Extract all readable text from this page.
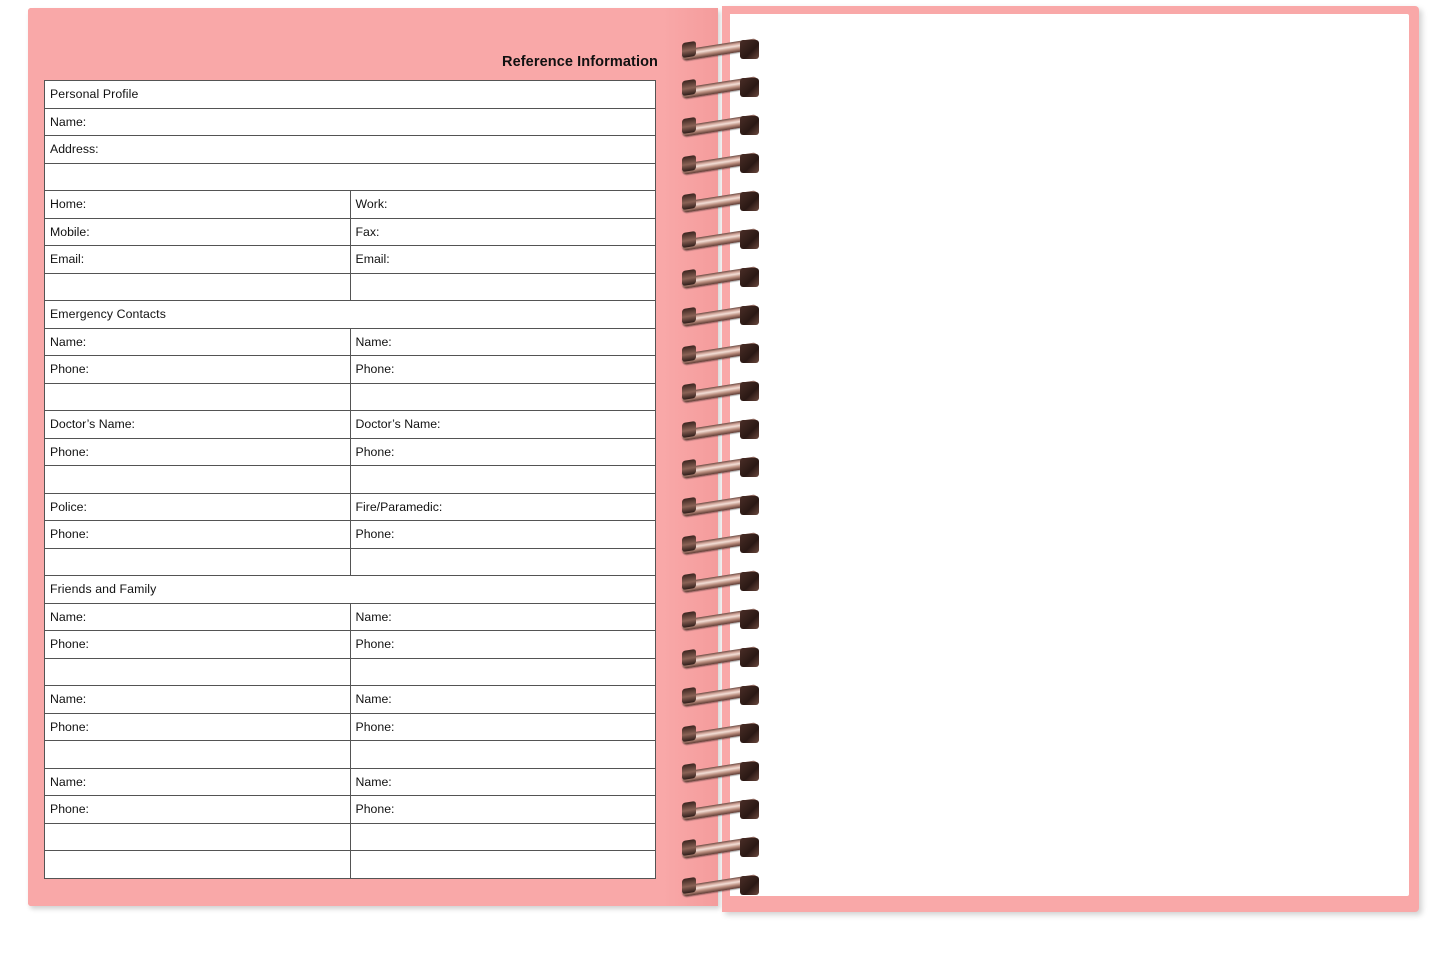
Reference Information
Personal Profile	
Name:	
Address:	

Home:	Work:
Mobile:	Fax:
Email:	Email:

Emergency Contacts	
Name:	Name:
Phone:	Phone:

Doctor’s Name:	Doctor’s Name:
Phone:	Phone:

Police:	Fire/Paramedic:
Phone:	Phone:

Friends and Family	
Name:	Name:
Phone:	Phone:

Name:	Name:
Phone:	Phone:

Name:	Name:
Phone:	Phone:
